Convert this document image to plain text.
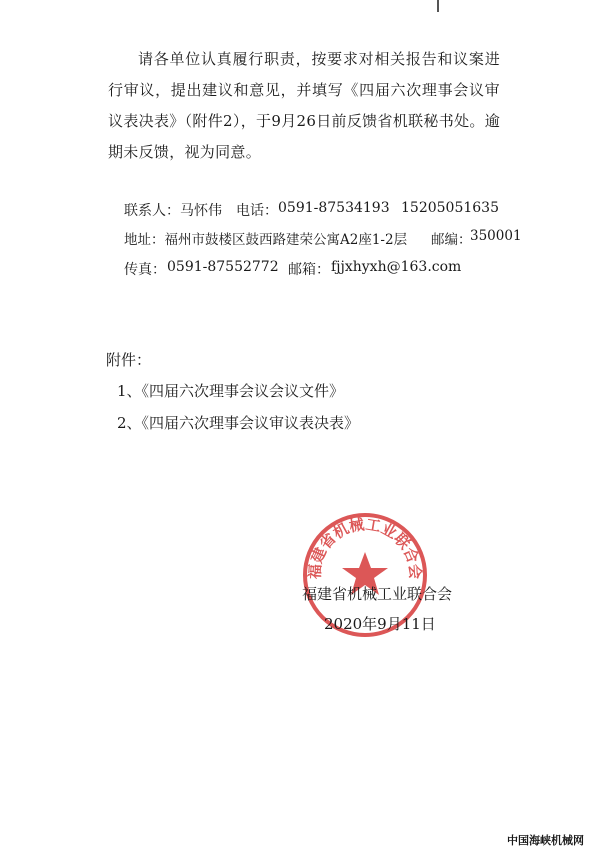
请各单位认真履行职责，按要求对相关报告和议案进行审议，提出建议和意见，并填写《四届六次理事会议审议表决表》（附件2），于9月26日前反馈省机联秘书处。逾期未反馈，视为同意。
联系人：马怀伟 电话： 0591-87534193 15205051635
地址：福州市鼓楼区鼓西路建荣公寓A2座1-2层 邮编：
350001
传真： 0591-87552772 邮箱： fjjxhyxh@163.com
附件：
1、《四届六次理事会议会议文件》
2、《四届六次理事会议审议表决表》
福建省机械工业联合会
福建省机械工业联合会
2020年9月11日
中国海峡机械网
